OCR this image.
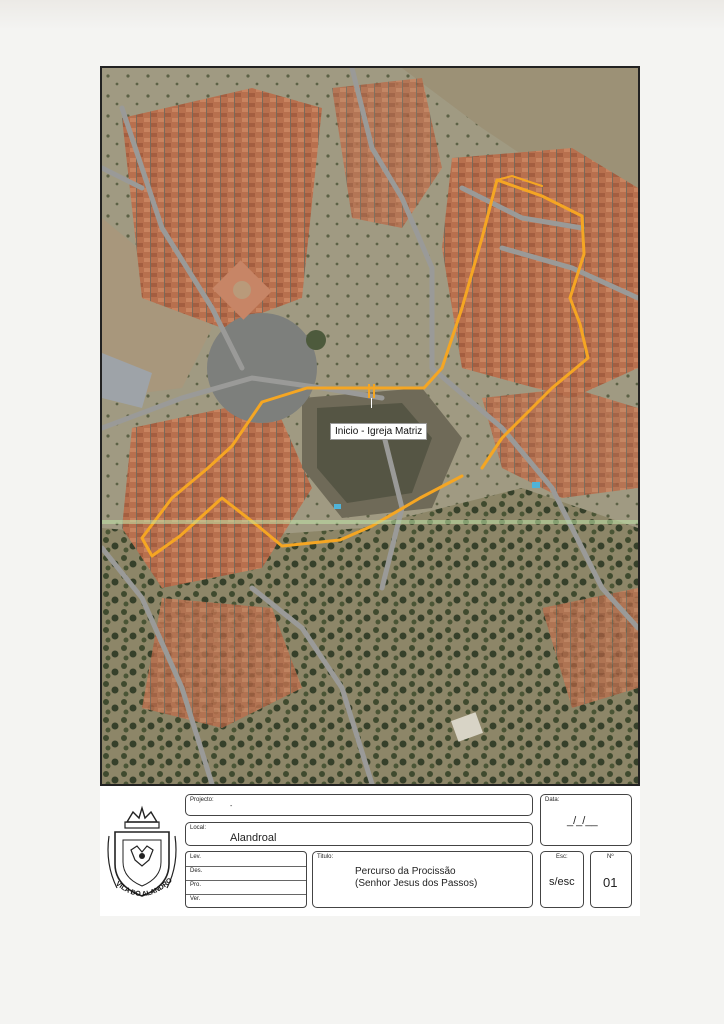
Inicio - Igreja Matriz
VILA DO ALANDRO
Projecto:
-
Local:
Alandroal
Data:
_/_/__
Lev.
Des.
Pro.
Ver.
Titulo:
Percurso da Procissão
(Senhor Jesus dos Passos)
Esc:
s/esc
Nº
01
